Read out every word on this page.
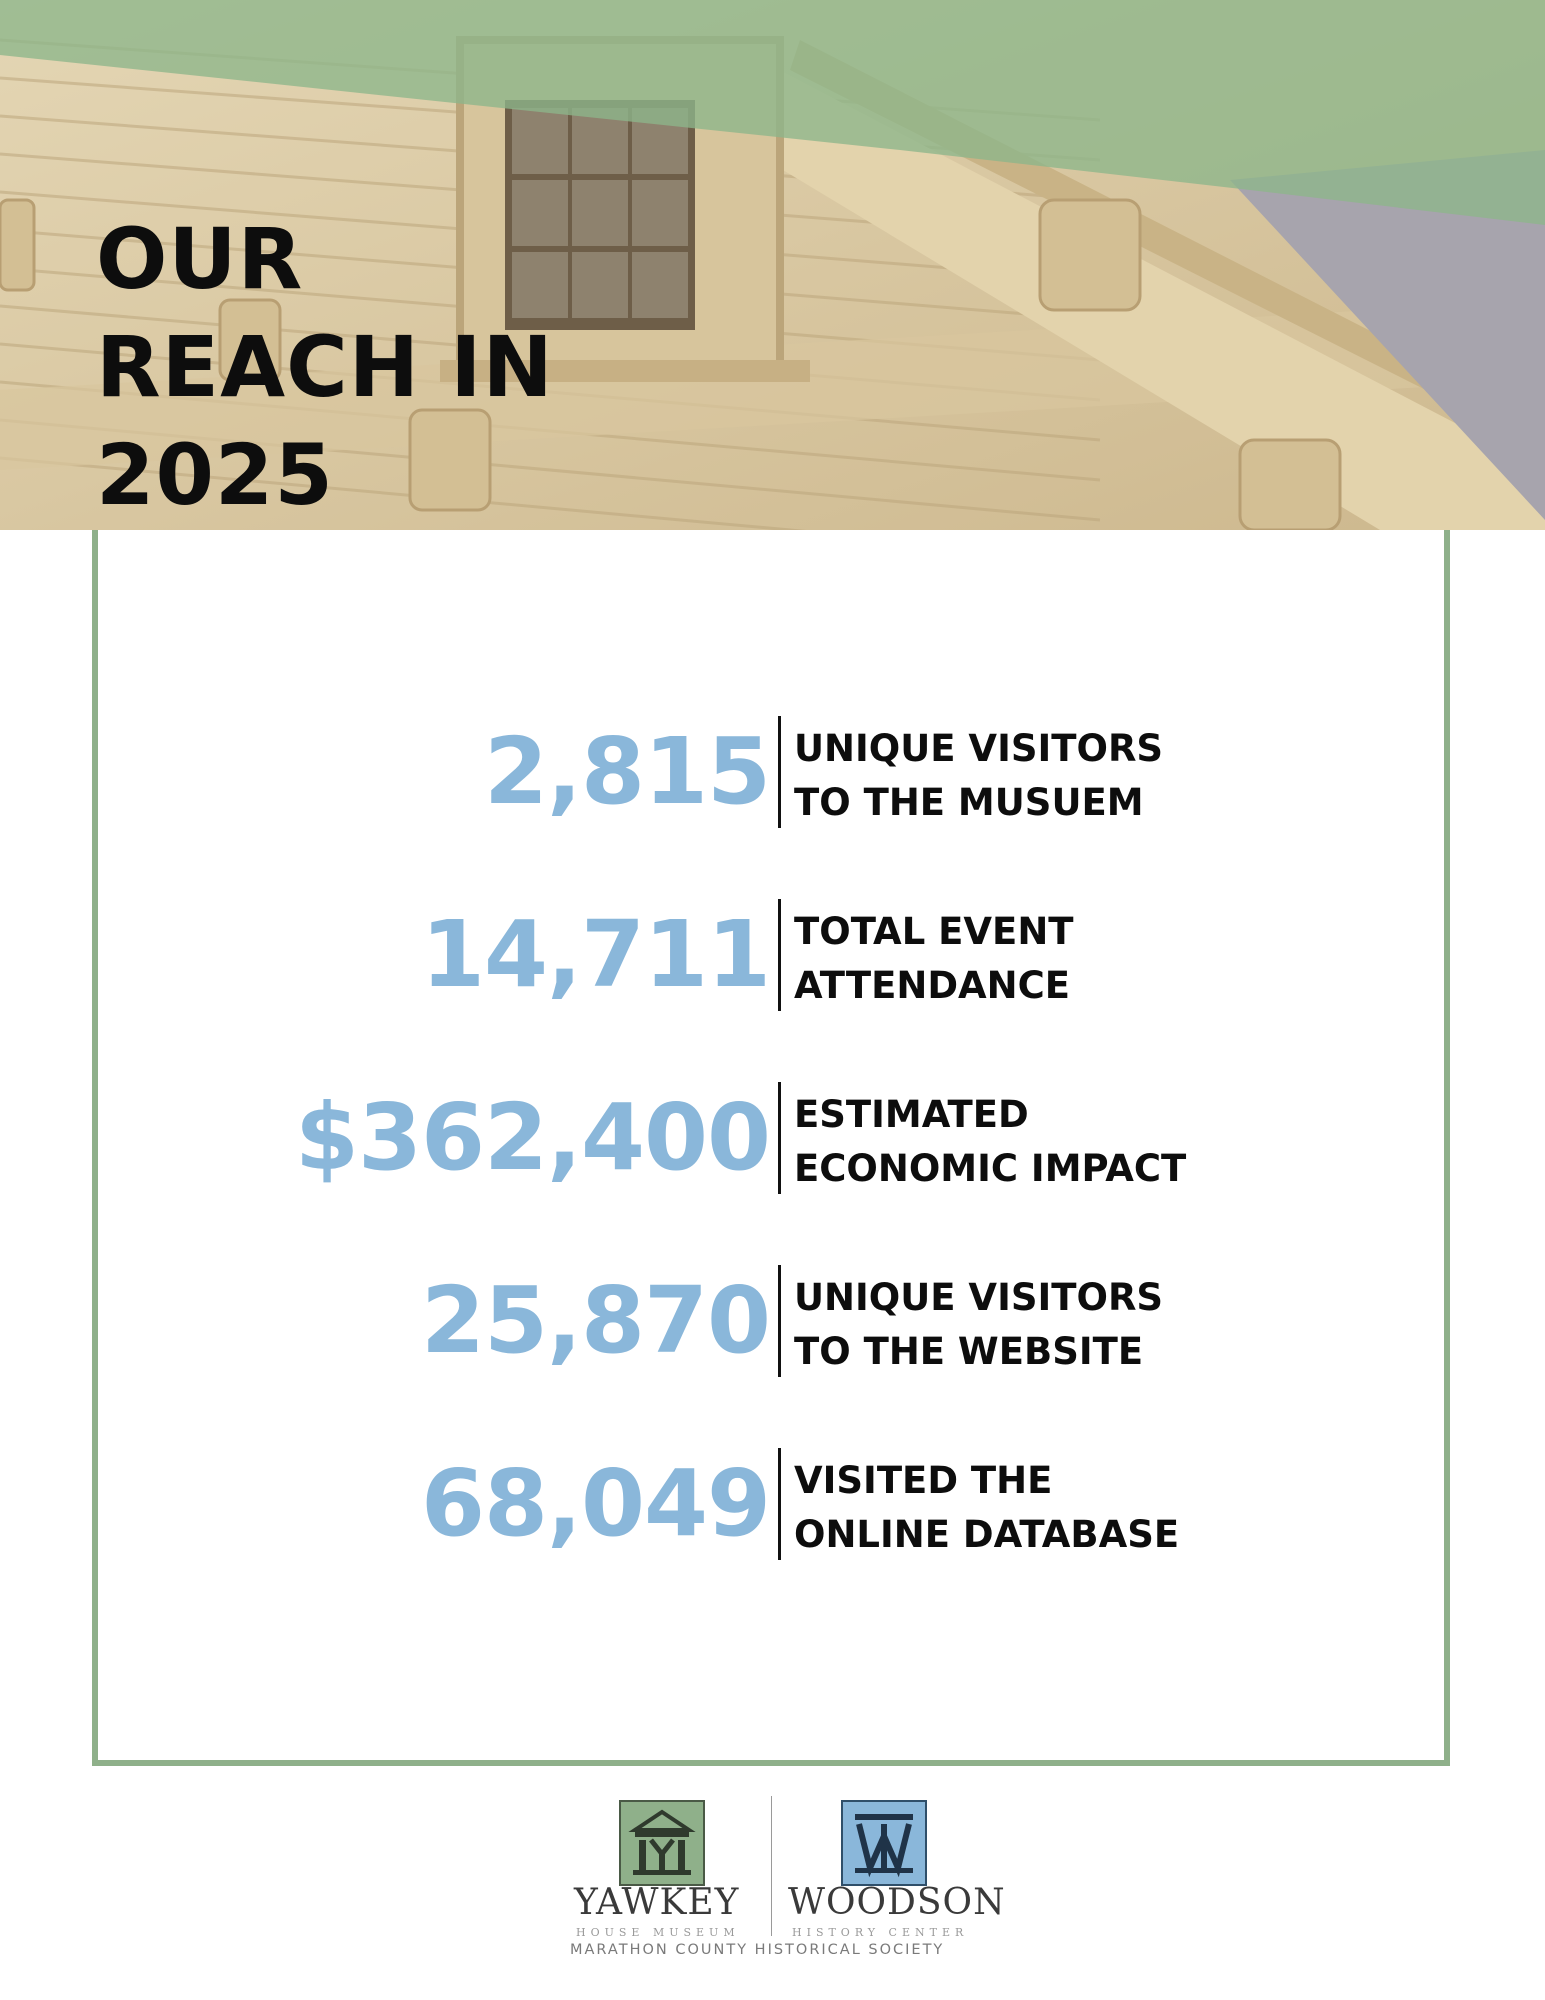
OUR
REACH IN
2025
2,815 UNIQUE VISITORS
TO THE MUSUEM

14,711 TOTAL EVENT
ATTENDANCE

$362,400 ESTIMATED
ECONOMIC IMPACT

25,870 UNIQUE VISITORS
TO THE WEBSITE

68,049 VISITED THE
ONLINE DATABASE

YAWKEY WOODSON
HOUSE MUSEUM	HISTORY CENTER
MARATHON COUNTY HISTORICAL SOCIETY
